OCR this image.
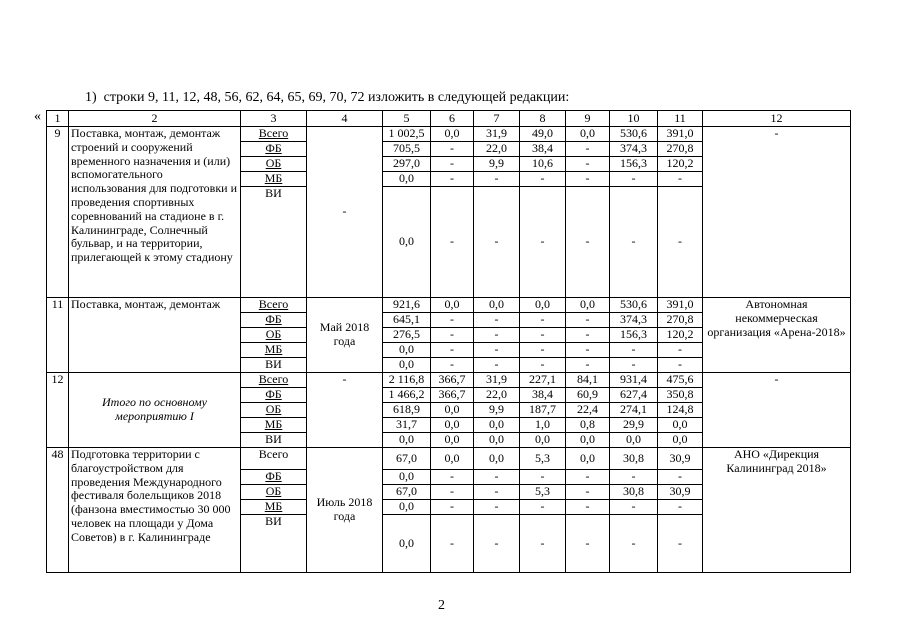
1)  строки 9, 11, 12, 48, 56, 62, 64, 65, 69, 70, 72 изложить в следующей редакции:
« 1	2	3	4	5	6	7	8	9	10	11	12
9	Поставка, монтаж, демонтаж строений и сооружений временного назначения и (или) вспомогательного использования для подготовки и проведения спортивных соревнований на стадионе в г. Калининграде, Солнечный бульвар, и на территории, прилегающей к этому стадиону	Всего	-	1 002,5	0,0	31,9	49,0	0,0	530,6	391,0	-
		ФБ		705,5	-	22,0	38,4	-	374,3	270,8	
		ОБ		297,0	-	9,9	10,6	-	156,3	120,2	
		МБ		0,0	-	-	-	-	-	-	
		ВИ		0,0	-	-	-	-	-	-	
11	Поставка, монтаж, демонтаж	Всего	Май 2018 года	921,6	0,0	0,0	0,0	0,0	530,6	391,0	Автономная некоммерческая организация «Арена-2018»
		ФБ		645,1	-	-	-	-	374,3	270,8	
		ОБ		276,5	-	-	-	-	156,3	120,2	
		МБ		0,0	-	-	-	-	-	-	
		ВИ		0,0	-	-	-	-	-	-	
12	Итого по основному мероприятию I	Всего	-	2 116,8	366,7	31,9	227,1	84,1	931,4	475,6	-
		ФБ		1 466,2	366,7	22,0	38,4	60,9	627,4	350,8	
		ОБ		618,9	0,0	9,9	187,7	22,4	274,1	124,8	
		МБ		31,7	0,0	0,0	1,0	0,8	29,9	0,0	
		ВИ		0,0	0,0	0,0	0,0	0,0	0,0	0,0	
48	Подготовка территории с благоустройством для проведения Международного фестиваля болельщиков 2018 (фанзона вместимостью 30 000 человек на площади у Дома Советов) в г. Калининграде	Всего	Июль 2018 года	67,0	0,0	0,0	5,3	0,0	30,8	30,9	АНО «Дирекция Калининград 2018»
		ФБ		0,0	-	-	-	-	-	-	
		ОБ		67,0	-	-	5,3	-	30,8	30,9	
		МБ		0,0	-	-	-	-	-	-	
		ВИ		0,0	-	-	-	-	-	-	
2
